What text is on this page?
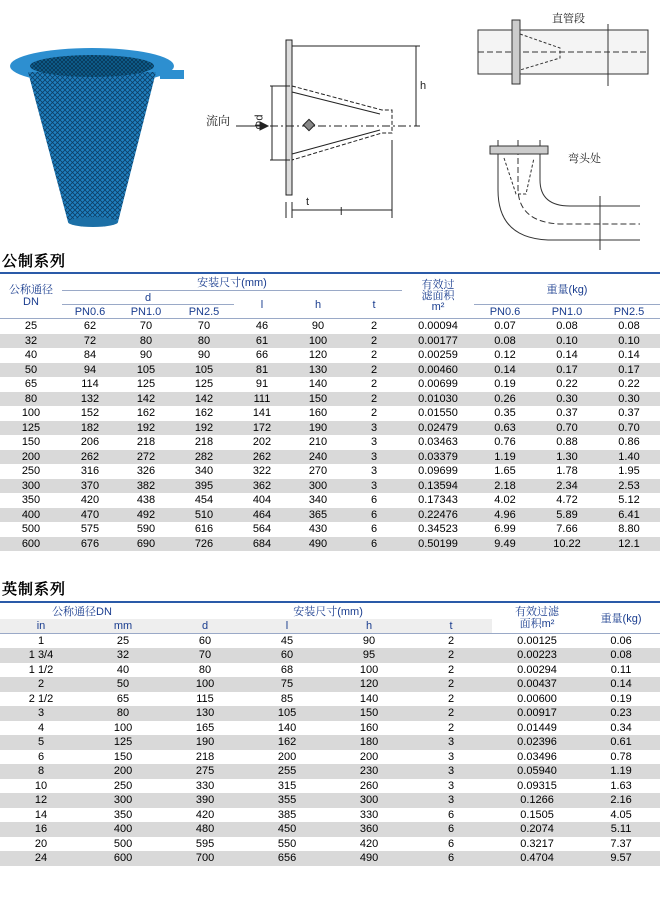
流向 Φd
h
t
l
直管段
弯头处
公制系列
公称通径
DN	安装尺寸(mm)						有效过
滤面积
m²	重量(kg)		
	d			l	h	t				
	PN0.6	PN1.0	PN2.5					PN0.6	PN1.0	PN2.5
25	62	70	70	46	90	2	0.00094	0.07	0.08	0.08
32	72	80	80	61	100	2	0.00177	0.08	0.10	0.10
40	84	90	90	66	120	2	0.00259	0.12	0.14	0.14
50	94	105	105	81	130	2	0.00460	0.14	0.17	0.17
65	114	125	125	91	140	2	0.00699	0.19	0.22	0.22
80	132	142	142	111	150	2	0.01030	0.26	0.30	0.30
100	152	162	162	141	160	2	0.01550	0.35	0.37	0.37
125	182	192	192	172	190	3	0.02479	0.63	0.70	0.70
150	206	218	218	202	210	3	0.03463	0.76	0.88	0.86
200	262	272	282	262	240	3	0.03379	1.19	1.30	1.40
250	316	326	340	322	270	3	0.09699	1.65	1.78	1.95
300	370	382	395	362	300	3	0.13594	2.18	2.34	2.53
350	420	438	454	404	340	6	0.17343	4.02	4.72	5.12
400	470	492	510	464	365	6	0.22476	4.96	5.89	6.41
500	575	590	616	564	430	6	0.34523	6.99	7.66	8.80
600	676	690	726	684	490	6	0.50199	9.49	10.22	12.1
英制系列
公称通径DN		安装尺寸(mm)				有效过滤
面积m²	重量(kg)
in	mm	d	l	h	t		
1	25	60	45	90	2	0.00125	0.06
1 3/4	32	70	60	95	2	0.00223	0.08
1 1/2	40	80	68	100	2	0.00294	0.11
2	50	100	75	120	2	0.00437	0.14
2 1/2	65	115	85	140	2	0.00600	0.19
3	80	130	105	150	2	0.00917	0.23
4	100	165	140	160	2	0.01449	0.34
5	125	190	162	180	3	0.02396	0.61
6	150	218	200	200	3	0.03496	0.78
8	200	275	255	230	3	0.05940	1.19
10	250	330	315	260	3	0.09315	1.63
12	300	390	355	300	3	0.1266	2.16
14	350	420	385	330	6	0.1505	4.05
16	400	480	450	360	6	0.2074	5.11
20	500	595	550	420	6	0.3217	7.37
24	600	700	656	490	6	0.4704	9.57
